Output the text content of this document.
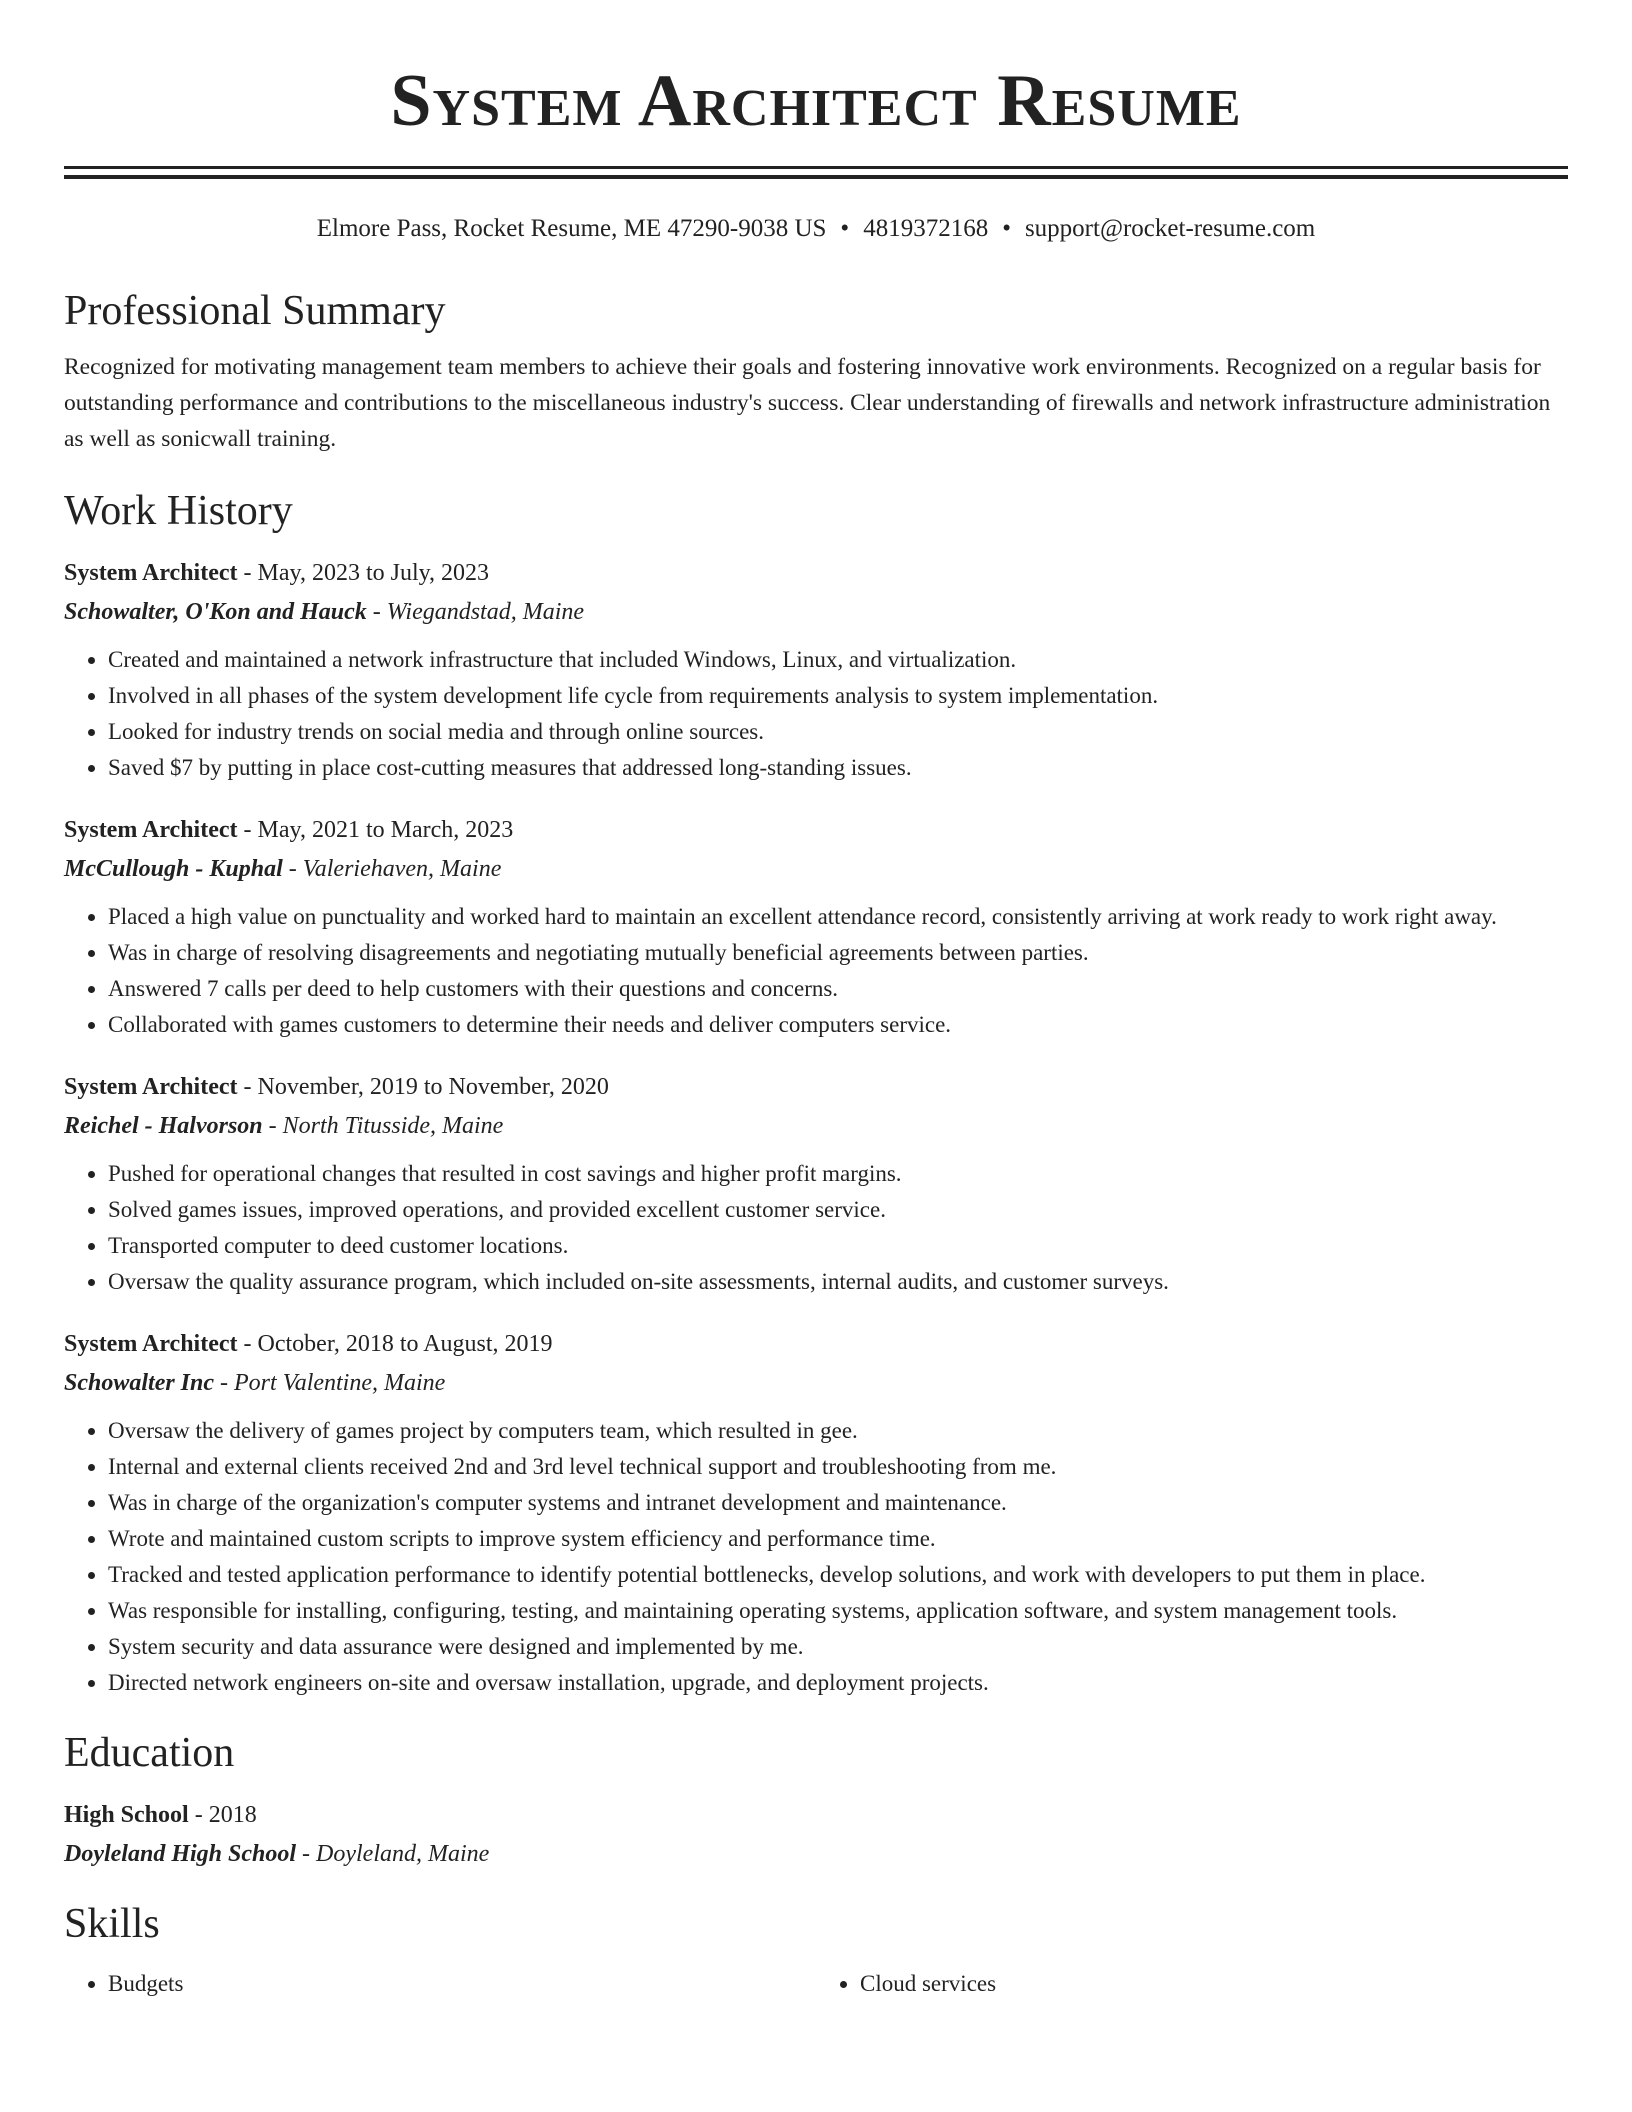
System Architect Resume
Elmore Pass, Rocket Resume, ME 47290-9038 US • 4819372168 • support@rocket-resume.com
Professional Summary

Recognized for motivating management team members to achieve their goals and fostering innovative work environments. Recognized on a regular basis for outstanding performance and contributions to the miscellaneous industry's success. Clear understanding of firewalls and network infrastructure administration as well as sonicwall training.

Work History
System Architect - May, 2023 to July, 2023
Schowalter, O'Kon and Hauck - Wiegandstad, Maine
• Created and maintained a network infrastructure that included Windows, Linux, and virtualization.
• Involved in all phases of the system development life cycle from requirements analysis to system implementation.
• Looked for industry trends on social media and through online sources.
• Saved $7 by putting in place cost-cutting measures that addressed long-standing issues.
System Architect - May, 2021 to March, 2023
McCullough - Kuphal - Valeriehaven, Maine
• Placed a high value on punctuality and worked hard to maintain an excellent attendance record, consistently arriving at work ready to work right away.
• Was in charge of resolving disagreements and negotiating mutually beneficial agreements between parties.
• Answered 7 calls per deed to help customers with their questions and concerns.
• Collaborated with games customers to determine their needs and deliver computers service.
System Architect - November, 2019 to November, 2020
Reichel - Halvorson - North Titusside, Maine
• Pushed for operational changes that resulted in cost savings and higher profit margins.
• Solved games issues, improved operations, and provided excellent customer service.
• Transported computer to deed customer locations.
• Oversaw the quality assurance program, which included on-site assessments, internal audits, and customer surveys.
System Architect - October, 2018 to August, 2019
Schowalter Inc - Port Valentine, Maine
• Oversaw the delivery of games project by computers team, which resulted in gee.
• Internal and external clients received 2nd and 3rd level technical support and troubleshooting from me.
• Was in charge of the organization's computer systems and intranet development and maintenance.
• Wrote and maintained custom scripts to improve system efficiency and performance time.
• Tracked and tested application performance to identify potential bottlenecks, develop solutions, and work with developers to put them in place.
• Was responsible for installing, configuring, testing, and maintaining operating systems, application software, and system management tools.
• System security and data assurance were designed and implemented by me.
• Directed network engineers on-site and oversaw installation, upgrade, and deployment projects.
Education
High School - 2018
Doyleland High School - Doyleland, Maine
Skills
• Budgets
•	Cloud services
